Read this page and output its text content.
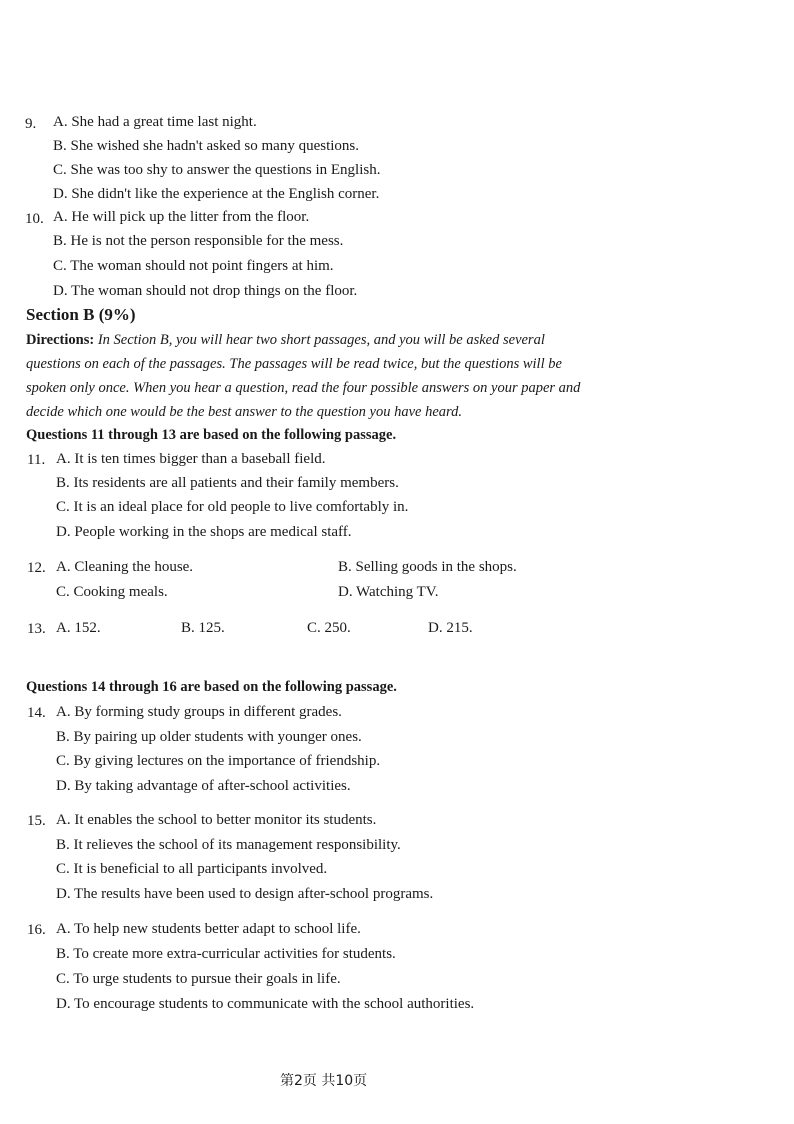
9. A. She had a great time last night.
B. She wished she hadn't asked so many questions.
C. She was too shy to answer the questions in English.
D. She didn't like the experience at the English corner.
10. A. He will pick up the litter from the floor.
B. He is not the person responsible for the mess.
C. The woman should not point fingers at him.
D. The woman should not drop things on the floor.
Section B (9%)
Directions: In Section B, you will hear two short passages, and you will be asked several
questions on each of the passages. The passages will be read twice, but the questions will be
spoken only once. When you hear a question, read the four possible answers on your paper and
decide which one would be the best answer to the question you have heard.
Questions 11 through 13 are based on the following passage.
11. A. It is ten times bigger than a baseball field.
B. Its residents are all patients and their family members.
C. It is an ideal place for old people to live comfortably in.
D. People working in the shops are medical staff.
12. A. Cleaning the house.	B. Selling goods in the shops.
C. Cooking meals.	D. Watching TV.
13. A. 152.	B. 125.	C. 250.	D. 215.
Questions 14 through 16 are based on the following passage.
14. A. By forming study groups in different grades.
B. By pairing up older students with younger ones.
C. By giving lectures on the importance of friendship.
D. By taking advantage of after-school activities.
15. A. It enables the school to better monitor its students.
B. It relieves the school of its management responsibility.
C. It is beneficial to all participants involved.
D. The results have been used to design after-school programs.
16. A. To help new students better adapt to school life.
B. To create more extra-curricular activities for students.
C. To urge students to pursue their goals in life.
D. To encourage students to communicate with the school authorities.
第2页 共10页
